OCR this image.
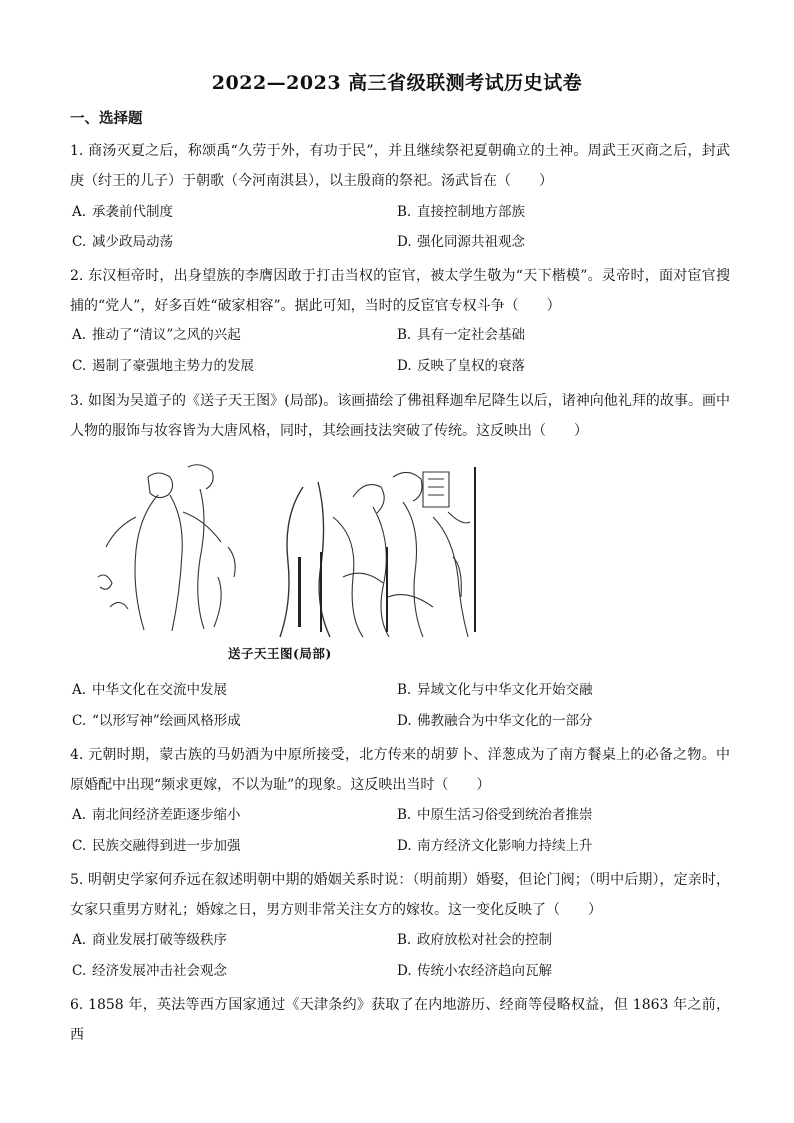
2022—2023 高三省级联测考试历史试卷
一、选择题
1. 商汤灭夏之后，称颂禹“久劳于外，有功于民”，并且继续祭祀夏朝确立的土神。周武王灭商之后，封武庚（纣王的儿子）于朝歌（今河南淇县），以主殷商的祭祀。汤武旨在（　　）
A. 承袭前代制度	B. 直接控制地方部族
C. 减少政局动荡	D. 强化同源共祖观念
2. 东汉桓帝时，出身望族的李膺因敢于打击当权的宦官，被太学生敬为“天下楷模”。灵帝时，面对宦官搜捕的“党人”，好多百姓“破家相容”。据此可知，当时的反宦官专权斗争（　　）
A. 推动了“清议”之风的兴起	B. 具有一定社会基础
C. 遏制了豪强地主势力的发展	D. 反映了皇权的衰落
3. 如图为吴道子的《送子天王图》(局部)。该画描绘了佛祖释迦牟尼降生以后，诸神向他礼拜的故事。画中人物的服饰与妆容皆为大唐风格，同时，其绘画技法突破了传统。这反映出（　　）
送子天王图(局部)
A. 中华文化在交流中发展	B. 异域文化与中华文化开始交融
C. “以形写神”绘画风格形成	D. 佛教融合为中华文化的一部分
4. 元朝时期，蒙古族的马奶酒为中原所接受，北方传来的胡萝卜、洋葱成为了南方餐桌上的必备之物。中原婚配中出现“频求更嫁，不以为耻”的现象。这反映出当时（　　）
A. 南北间经济差距逐步缩小	B. 中原生活习俗受到统治者推崇
C. 民族交融得到进一步加强	D. 南方经济文化影响力持续上升
5. 明朝史学家何乔远在叙述明朝中期的婚姻关系时说：（明前期）婚娶，但论门阀；（明中后期），定亲时，女家只重男方财礼；婚嫁之日，男方则非常关注女方的嫁妆。这一变化反映了（　　）
A. 商业发展打破等级秩序	B. 政府放松对社会的控制
C. 经济发展冲击社会观念	D. 传统小农经济趋向瓦解
6. 1858 年，英法等西方国家通过《天津条约》获取了在内地游历、经商等侵略权益，但 1863 年之前，西
